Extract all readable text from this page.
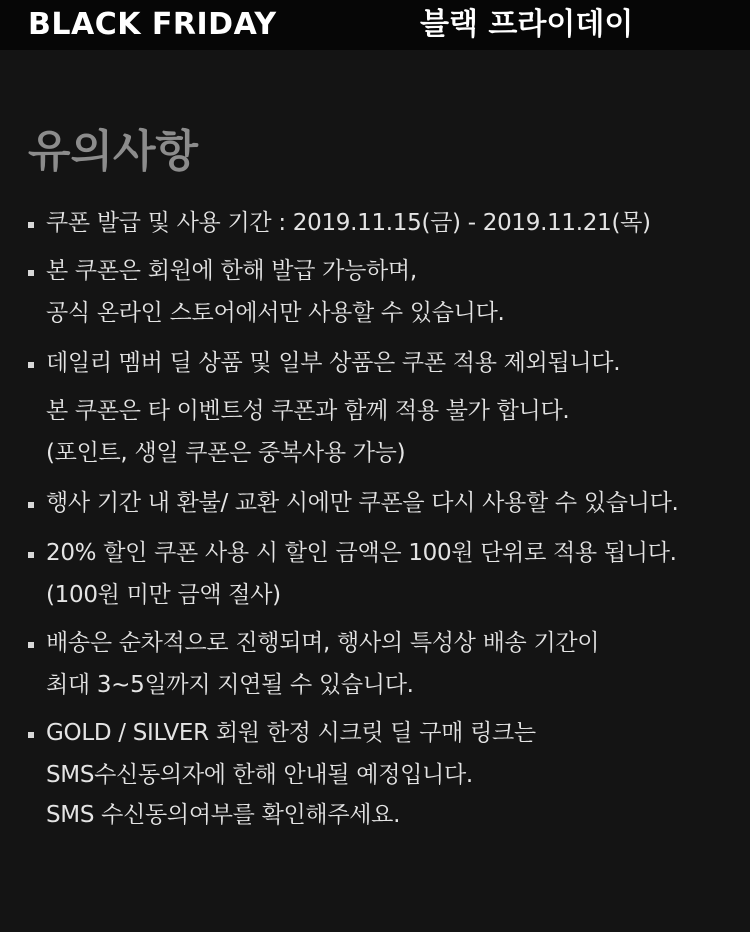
BLACK FRIDAY	블랙 프라이데이
유의사항
쿠폰 발급 및 사용 기간 : 2019.11.15(금) - 2019.11.21(목)
본 쿠폰은 회원에 한해 발급 가능하며,
공식 온라인 스토어에서만 사용할 수 있습니다.
데일리 멤버 딜 상품 및 일부 상품은 쿠폰 적용 제외됩니다.
본 쿠폰은 타 이벤트성 쿠폰과 함께 적용 불가 합니다.
(포인트, 생일 쿠폰은 중복사용 가능)
행사 기간 내 환불/ 교환 시에만 쿠폰을 다시 사용할 수 있습니다.
20% 할인 쿠폰 사용 시 할인 금액은 100원 단위로 적용 됩니다.
(100원 미만 금액 절사)
배송은 순차적으로 진행되며, 행사의 특성상 배송 기간이
최대 3~5일까지 지연될 수 있습니다.
GOLD / SILVER 회원 한정 시크릿 딜 구매 링크는
SMS수신동의자에 한해 안내될 예정입니다.
SMS 수신동의여부를 확인해주세요.
